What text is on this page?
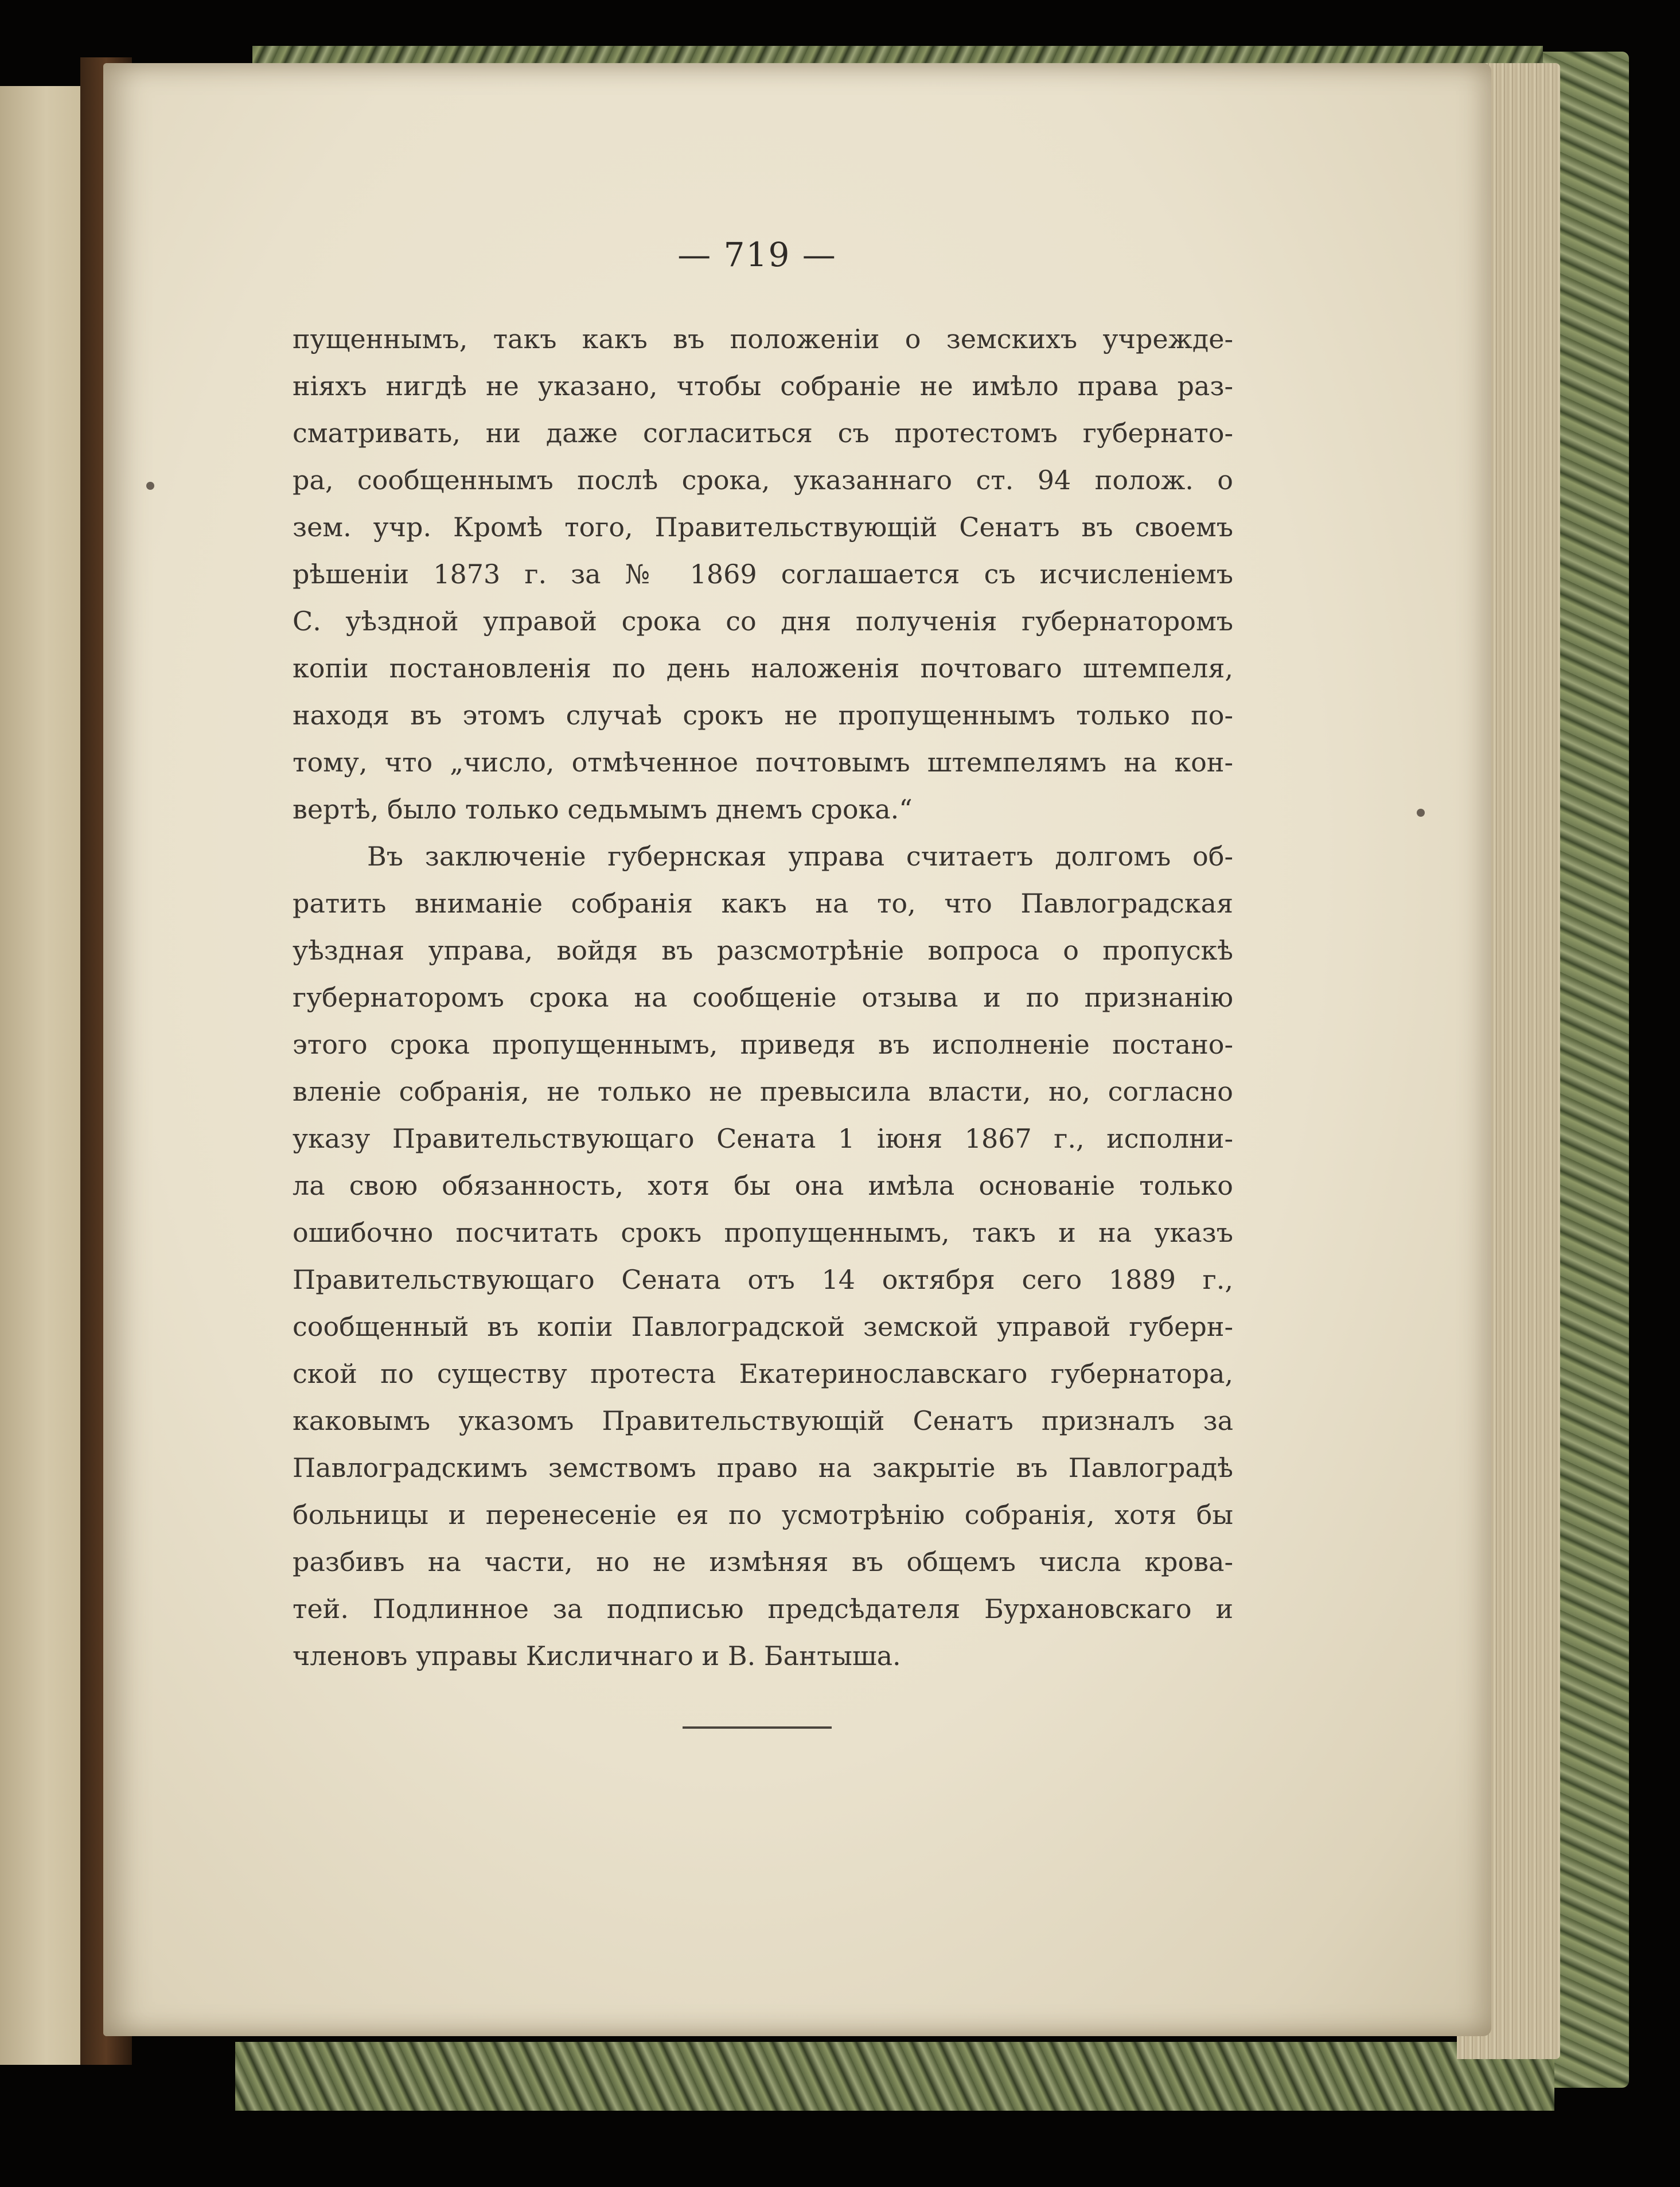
— 719 —
пущеннымъ, такъ какъ въ положеніи о земскихъ учрежде-
ніяхъ нигдѣ не указано, чтобы собраніе не имѣло права раз-
сматривать, ни даже согласиться съ протестомъ губернато-
ра, сообщеннымъ послѣ срока, указаннаго ст. 94 полож. о
зем. учр. Кромѣ того, Правительствующій Сенатъ въ своемъ
рѣшеніи 1873 г. за № 1869 соглашается съ исчисленіемъ
С. уѣздной управой срока со дня полученія губернаторомъ
копіи постановленія по день наложенія почтоваго штемпеля,
находя въ этомъ случаѣ срокъ не пропущеннымъ только по-
тому, что „число, отмѣченное почтовымъ штемпелямъ на кон-
вертѣ, было только седьмымъ днемъ срока.“
Въ заключеніе губернская управа считаетъ долгомъ об-
ратить вниманіе собранія какъ на то, что Павлоградская
уѣздная управа, войдя въ разсмотрѣніе вопроса о пропускѣ
губернаторомъ срока на сообщеніе отзыва и по признанію
этого срока пропущеннымъ, приведя въ исполненіе постано-
вленіе собранія, не только не превысила власти, но, согласно
указу Правительствующаго Сената 1 іюня 1867 г., исполни-
ла свою обязанность, хотя бы она имѣла основаніе только
ошибочно посчитать срокъ пропущеннымъ, такъ и на указъ
Правительствующаго Сената отъ 14 октября сего 1889 г.,
сообщенный въ копіи Павлоградской земской управой губерн-
ской по существу протеста Екатеринославскаго губернатора,
каковымъ указомъ Правительствующій Сенатъ призналъ за
Павлоградскимъ земствомъ право на закрытіе въ Павлоградѣ
больницы и перенесеніе ея по усмотрѣнію собранія, хотя бы
разбивъ на части, но не измѣняя въ общемъ числа крова-
тей. Подлинное за подписью предсѣдателя Бурхановскаго и
членовъ управы Кисличнаго и В. Бантыша.
